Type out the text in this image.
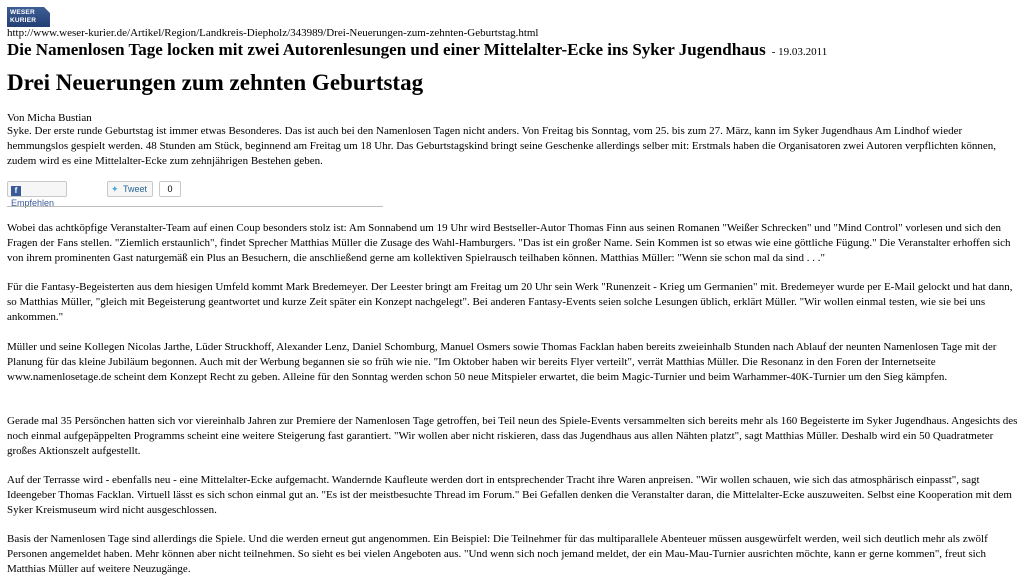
WESER
KURIER
http://www.weser-kurier.de/Artikel/Region/Landkreis-Diepholz/343989/Drei-Neuerungen-zum-zehnten-Geburtstag.html
Die Namenlosen Tage locken mit zwei Autorenlesungen und einer Mittelalter-Ecke ins Syker Jugendhaus - 19.03.2011
Drei Neuerungen zum zehnten Geburtstag
Von Micha Bustian

Syke. Der erste runde Geburtstag ist immer etwas Besonderes. Das ist auch bei den Namenlosen Tagen nicht anders. Von Freitag bis Sonntag, vom 25. bis zum 27. März, kann im Syker Jugendhaus Am Lindhof wieder hemmungslos gespielt werden. 48 Stunden am Stück, beginnend am Freitag um 18 Uhr. Das Geburtstagskind bringt seine Geschenke allerdings selber mit: Erstmals haben die Organisatoren zwei Autoren verpflichten können, zudem wird es eine Mittelalter-Ecke zum zehnjährigen Bestehen geben.

fEmpfehlen
✦ Tweet	0

Wobei das achtköpfige Veranstalter-Team auf einen Coup besonders stolz ist: Am Sonnabend um 19 Uhr wird Bestseller-Autor Thomas Finn aus seinen Romanen "Weißer Schrecken" und "Mind Control" vorlesen und sich den Fragen der Fans stellen. "Ziemlich erstaunlich", findet Sprecher Matthias Müller die Zusage des Wahl-Hamburgers. "Das ist ein großer Name. Sein Kommen ist so etwas wie eine göttliche Fügung." Die Veranstalter erhoffen sich von ihrem prominenten Gast naturgemäß ein Plus an Besuchern, die anschließend gerne am kollektiven Spielrausch teilhaben können. Matthias Müller: "Wenn sie schon mal da sind . . ."

Für die Fantasy-Begeisterten aus dem hiesigen Umfeld kommt Mark Bredemeyer. Der Leester bringt am Freitag um 20 Uhr sein Werk "Runenzeit - Krieg um Germanien" mit. Bredemeyer wurde per E-Mail gelockt und hat dann, so Matthias Müller, "gleich mit Begeisterung geantwortet und kurze Zeit später ein Konzept nachgelegt". Bei anderen Fantasy-Events seien solche Lesungen üblich, erklärt Müller. "Wir wollen einmal testen, wie sie bei uns ankommen."

Müller und seine Kollegen Nicolas Jarthe, Lüder Struckhoff, Alexander Lenz, Daniel Schomburg, Manuel Osmers sowie Thomas Facklan haben bereits zweieinhalb Stunden nach Ablauf der neunten Namenlosen Tage mit der Planung für das kleine Jubiläum begonnen. Auch mit der Werbung begannen sie so früh wie nie. "Im Oktober haben wir bereits Flyer verteilt", verrät Matthias Müller. Die Resonanz in den Foren der Internetseite www.namenlosetage.de scheint dem Konzept Recht zu geben. Alleine für den Sonntag werden schon 50 neue Mitspieler erwartet, die beim Magic-Turnier und beim Warhammer-40K-Turnier um den Sieg kämpfen.

Gerade mal 35 Persönchen hatten sich vor viereinhalb Jahren zur Premiere der Namenlosen Tage getroffen, bei Teil neun des Spiele-Events versammelten sich bereits mehr als 160 Begeisterte im Syker Jugendhaus. Angesichts des noch einmal aufgepäppelten Programms scheint eine weitere Steigerung fast garantiert. "Wir wollen aber nicht riskieren, dass das Jugendhaus aus allen Nähten platzt", sagt Matthias Müller. Deshalb wird ein 50 Quadratmeter großes Aktionszelt aufgestellt.

Auf der Terrasse wird - ebenfalls neu - eine Mittelalter-Ecke aufgemacht. Wandernde Kaufleute werden dort in entsprechender Tracht ihre Waren anpreisen. "Wir wollen schauen, wie sich das atmosphärisch einpasst", sagt Ideengeber Thomas Facklan. Virtuell lässt es sich schon einmal gut an. "Es ist der meistbesuchte Thread im Forum." Bei Gefallen denken die Veranstalter daran, die Mittelalter-Ecke auszuweiten. Selbst eine Kooperation mit dem Syker Kreismuseum wird nicht ausgeschlossen.

Basis der Namenlosen Tage sind allerdings die Spiele. Und die werden erneut gut angenommen. Ein Beispiel: Die Teilnehmer für das multiparallele Abenteuer müssen ausgewürfelt werden, weil sich deutlich mehr als zwölf Personen angemeldet haben. Mehr können aber nicht teilnehmen. So sieht es bei vielen Angeboten aus. "Und wenn sich noch jemand meldet, der ein Mau-Mau-Turnier ausrichten möchte, kann er gerne kommen", freut sich Matthias Müller auf weitere Neuzugänge.
